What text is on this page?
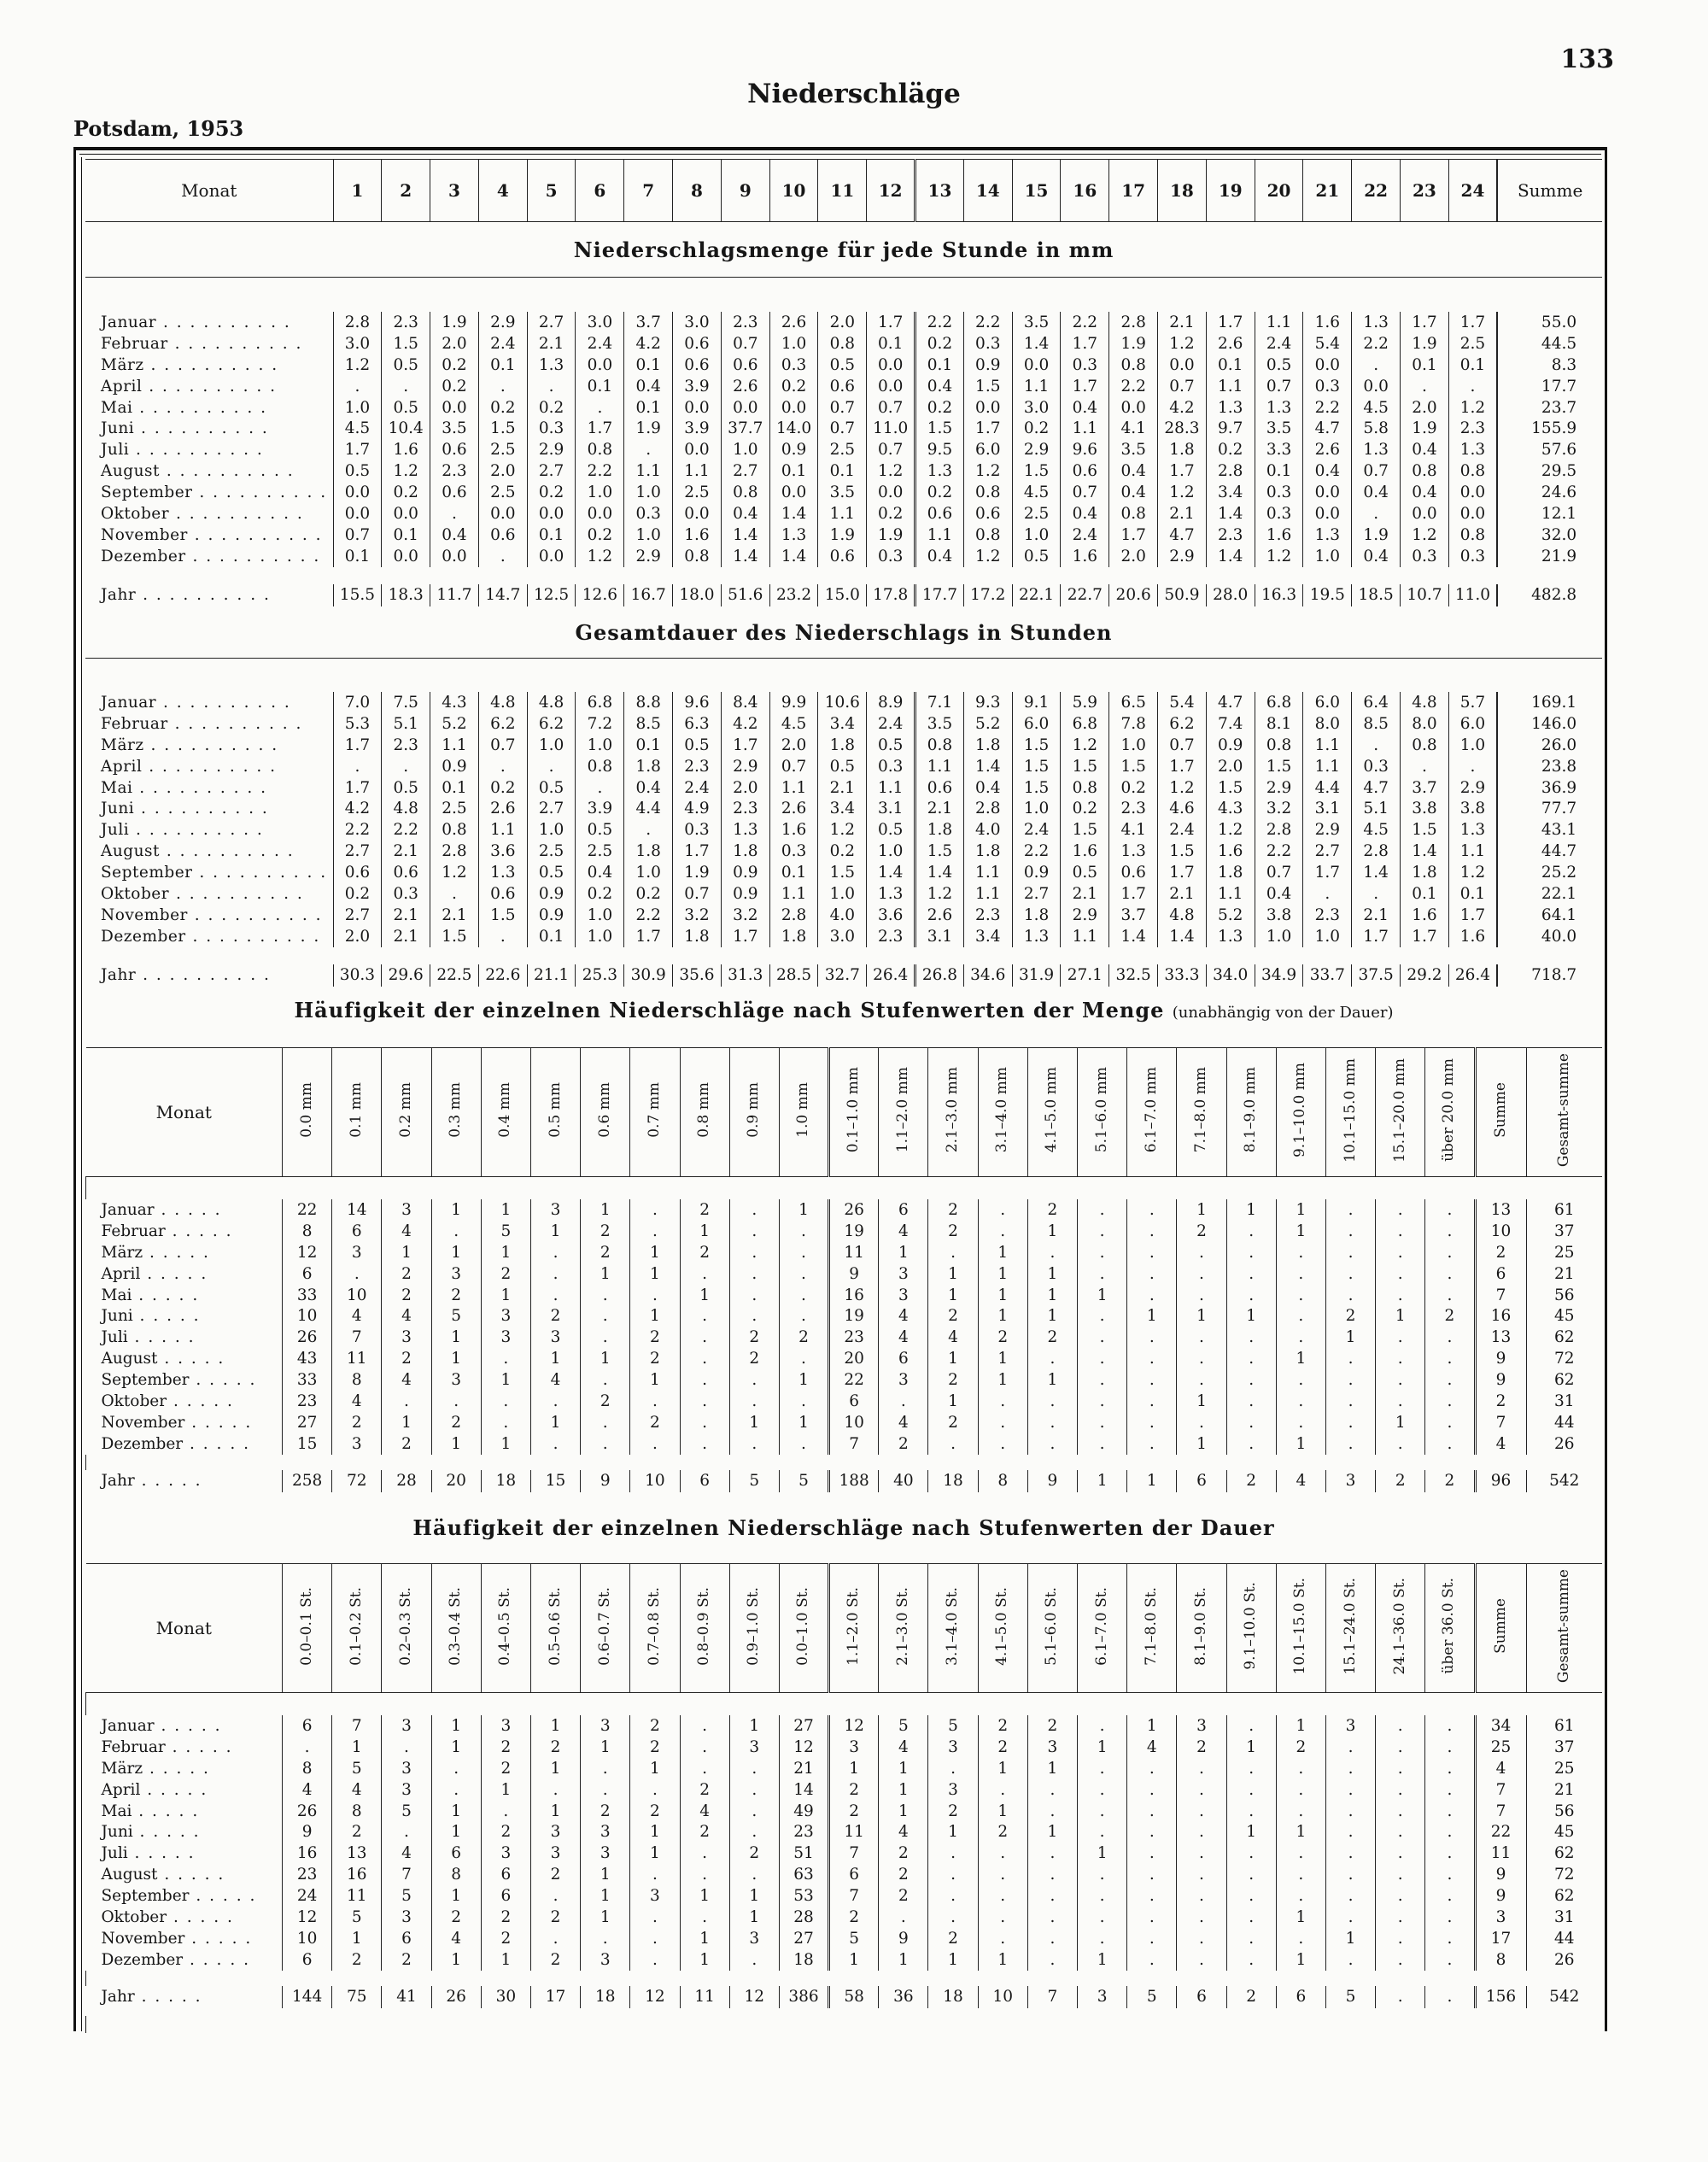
133
Niederschläge
Potsdam, 1953
Monat	1	2	3	4	5	6	7	8	9	10	11	12	13	14	15	16	17	18	19	20	21	22	23	24	Summe
Niederschlagsmenge für jede Stunde in mm																									

Januar . . . . . . . . . .	2.8	2.3	1.9	2.9	2.7	3.0	3.7	3.0	2.3	2.6	2.0	1.7	2.2	2.2	3.5	2.2	2.8	2.1	1.7	1.1	1.6	1.3	1.7	1.7	55.0
Februar . . . . . . . . . .	3.0	1.5	2.0	2.4	2.1	2.4	4.2	0.6	0.7	1.0	0.8	0.1	0.2	0.3	1.4	1.7	1.9	1.2	2.6	2.4	5.4	2.2	1.9	2.5	44.5
März . . . . . . . . . .	1.2	0.5	0.2	0.1	1.3	0.0	0.1	0.6	0.6	0.3	0.5	0.0	0.1	0.9	0.0	0.3	0.8	0.0	0.1	0.5	0.0	.	0.1	0.1	8.3
April . . . . . . . . . .	.	.	0.2	.	.	0.1	0.4	3.9	2.6	0.2	0.6	0.0	0.4	1.5	1.1	1.7	2.2	0.7	1.1	0.7	0.3	0.0	.	.	17.7
Mai . . . . . . . . . .	1.0	0.5	0.0	0.2	0.2	.	0.1	0.0	0.0	0.0	0.7	0.7	0.2	0.0	3.0	0.4	0.0	4.2	1.3	1.3	2.2	4.5	2.0	1.2	23.7
Juni . . . . . . . . . .	4.5	10.4	3.5	1.5	0.3	1.7	1.9	3.9	37.7	14.0	0.7	11.0	1.5	1.7	0.2	1.1	4.1	28.3	9.7	3.5	4.7	5.8	1.9	2.3	155.9
Juli . . . . . . . . . .	1.7	1.6	0.6	2.5	2.9	0.8	.	0.0	1.0	0.9	2.5	0.7	9.5	6.0	2.9	9.6	3.5	1.8	0.2	3.3	2.6	1.3	0.4	1.3	57.6
August . . . . . . . . . .	0.5	1.2	2.3	2.0	2.7	2.2	1.1	1.1	2.7	0.1	0.1	1.2	1.3	1.2	1.5	0.6	0.4	1.7	2.8	0.1	0.4	0.7	0.8	0.8	29.5
September . . . . . . . . . .	0.0	0.2	0.6	2.5	0.2	1.0	1.0	2.5	0.8	0.0	3.5	0.0	0.2	0.8	4.5	0.7	0.4	1.2	3.4	0.3	0.0	0.4	0.4	0.0	24.6
Oktober . . . . . . . . . .	0.0	0.0	.	0.0	0.0	0.0	0.3	0.0	0.4	1.4	1.1	0.2	0.6	0.6	2.5	0.4	0.8	2.1	1.4	0.3	0.0	.	0.0	0.0	12.1
November . . . . . . . . . .	0.7	0.1	0.4	0.6	0.1	0.2	1.0	1.6	1.4	1.3	1.9	1.9	1.1	0.8	1.0	2.4	1.7	4.7	2.3	1.6	1.3	1.9	1.2	0.8	32.0
Dezember . . . . . . . . . .	0.1	0.0	0.0	.	0.0	1.2	2.9	0.8	1.4	1.4	0.6	0.3	0.4	1.2	0.5	1.6	2.0	2.9	1.4	1.2	1.0	0.4	0.3	0.3	21.9

Jahr . . . . . . . . . .	15.5	18.3	11.7	14.7	12.5	12.6	16.7	18.0	51.6	23.2	15.0	17.8	17.7	17.2	22.1	22.7	20.6	50.9	28.0	16.3	19.5	18.5	10.7	11.0	482.8
Gesamtdauer des Niederschlags in Stunden

Januar . . . . . . . . . .	7.0	7.5	4.3	4.8	4.8	6.8	8.8	9.6	8.4	9.9	10.6	8.9	7.1	9.3	9.1	5.9	6.5	5.4	4.7	6.8	6.0	6.4	4.8	5.7	169.1
Februar . . . . . . . . . .	5.3	5.1	5.2	6.2	6.2	7.2	8.5	6.3	4.2	4.5	3.4	2.4	3.5	5.2	6.0	6.8	7.8	6.2	7.4	8.1	8.0	8.5	8.0	6.0	146.0
März . . . . . . . . . .	1.7	2.3	1.1	0.7	1.0	1.0	0.1	0.5	1.7	2.0	1.8	0.5	0.8	1.8	1.5	1.2	1.0	0.7	0.9	0.8	1.1	.	0.8	1.0	26.0
April . . . . . . . . . .	.	.	0.9	.	.	0.8	1.8	2.3	2.9	0.7	0.5	0.3	1.1	1.4	1.5	1.5	1.5	1.7	2.0	1.5	1.1	0.3	.	.	23.8
Mai . . . . . . . . . .	1.7	0.5	0.1	0.2	0.5	.	0.4	2.4	2.0	1.1	2.1	1.1	0.6	0.4	1.5	0.8	0.2	1.2	1.5	2.9	4.4	4.7	3.7	2.9	36.9
Juni . . . . . . . . . .	4.2	4.8	2.5	2.6	2.7	3.9	4.4	4.9	2.3	2.6	3.4	3.1	2.1	2.8	1.0	0.2	2.3	4.6	4.3	3.2	3.1	5.1	3.8	3.8	77.7
Juli . . . . . . . . . .	2.2	2.2	0.8	1.1	1.0	0.5	.	0.3	1.3	1.6	1.2	0.5	1.8	4.0	2.4	1.5	4.1	2.4	1.2	2.8	2.9	4.5	1.5	1.3	43.1
August . . . . . . . . . .	2.7	2.1	2.8	3.6	2.5	2.5	1.8	1.7	1.8	0.3	0.2	1.0	1.5	1.8	2.2	1.6	1.3	1.5	1.6	2.2	2.7	2.8	1.4	1.1	44.7
September . . . . . . . . . .	0.6	0.6	1.2	1.3	0.5	0.4	1.0	1.9	0.9	0.1	1.5	1.4	1.4	1.1	0.9	0.5	0.6	1.7	1.8	0.7	1.7	1.4	1.8	1.2	25.2
Oktober . . . . . . . . . .	0.2	0.3	.	0.6	0.9	0.2	0.2	0.7	0.9	1.1	1.0	1.3	1.2	1.1	2.7	2.1	1.7	2.1	1.1	0.4	.	.	0.1	0.1	22.1
November . . . . . . . . . .	2.7	2.1	2.1	1.5	0.9	1.0	2.2	3.2	3.2	2.8	4.0	3.6	2.6	2.3	1.8	2.9	3.7	4.8	5.2	3.8	2.3	2.1	1.6	1.7	64.1
Dezember . . . . . . . . . .	2.0	2.1	1.5	.	0.1	1.0	1.7	1.8	1.7	1.8	3.0	2.3	3.1	3.4	1.3	1.1	1.4	1.4	1.3	1.0	1.0	1.7	1.7	1.6	40.0

Jahr . . . . . . . . . .	30.3	29.6	22.5	22.6	21.1	25.3	30.9	35.6	31.3	28.5	32.7	26.4	26.8	34.6	31.9	27.1	32.5	33.3	34.0	34.9	33.7	37.5	29.2	26.4	718.7
Häufigkeit der einzelnen Niederschläge nach Stufenwerten der Menge (unabhängig von der Dauer)
Monat	0.0 mm	0.1 mm	0.2 mm	0.3 mm	0.4 mm	0.5 mm	0.6 mm	0.7 mm	0.8 mm	0.9 mm	1.0 mm	0.1–1.0 mm	1.1–2.0 mm	2.1–3.0 mm	3.1–4.0 mm	4.1–5.0 mm	5.1–6.0 mm	6.1–7.0 mm	7.1–8.0 mm	8.1–9.0 mm	9.1–10.0 mm	10.1–15.0 mm	15.1–20.0 mm	über 20.0 mm	Summe	Gesamt-summe

Januar . . . . .	22	14	3	1	1	3	1	.	2	.	1	26	6	2	.	2	.	.	1	1	1	.	.	.	13	61
Februar . . . . .	8	6	4	.	5	1	2	.	1	.	.	19	4	2	.	1	.	.	2	.	1	.	.	.	10	37
März . . . . .	12	3	1	1	1	.	2	1	2	.	.	11	1	.	1	.	.	.	.	.	.	.	.	.	2	25
April . . . . .	6	.	2	3	2	.	1	1	.	.	.	9	3	1	1	1	.	.	.	.	.	.	.	.	6	21
Mai . . . . .	33	10	2	2	1	.	.	.	1	.	.	16	3	1	1	1	1	.	.	.	.	.	.	.	7	56
Juni . . . . .	10	4	4	5	3	2	.	1	.	.	.	19	4	2	1	1	.	1	1	1	.	2	1	2	16	45
Juli . . . . .	26	7	3	1	3	3	.	2	.	2	2	23	4	4	2	2	.	.	.	.	.	1	.	.	13	62
August . . . . .	43	11	2	1	.	1	1	2	.	2	.	20	6	1	1	.	.	.	.	.	1	.	.	.	9	72
September . . . . .	33	8	4	3	1	4	.	1	.	.	1	22	3	2	1	1	.	.	.	.	.	.	.	.	9	62
Oktober . . . . .	23	4	.	.	.	.	2	.	.	.	.	6	.	1	.	.	.	.	1	.	.	.	.	.	2	31
November . . . . .	27	2	1	2	.	1	.	2	.	1	1	10	4	2	.	.	.	.	.	.	.	.	1	.	7	44
Dezember . . . . .	15	3	2	1	1	.	.	.	.	.	.	7	2	.	.	.	.	.	1	.	1	.	.	.	4	26

Jahr . . . . .	258	72	28	20	18	15	9	10	6	5	5	188	40	18	8	9	1	1	6	2	4	3	2	2	96	542
Häufigkeit der einzelnen Niederschläge nach Stufenwerten der Dauer
Monat	0.0–0.1 St.	0.1–0.2 St.	0.2–0.3 St.	0.3–0.4 St.	0.4–0.5 St.	0.5–0.6 St.	0.6–0.7 St.	0.7–0.8 St.	0.8–0.9 St.	0.9–1.0 St.	0.0–1.0 St.	1.1–2.0 St.	2.1–3.0 St.	3.1–4.0 St.	4.1–5.0 St.	5.1–6.0 St.	6.1–7.0 St.	7.1–8.0 St.	8.1–9.0 St.	9.1–10.0 St.	10.1–15.0 St.	15.1–24.0 St.	24.1–36.0 St.	über 36.0 St.	Summe	Gesamt-summe

Januar . . . . .	6	7	3	1	3	1	3	2	.	1	27	12	5	5	2	2	.	1	3	.	1	3	.	.	34	61
Februar . . . . .	.	1	.	1	2	2	1	2	.	3	12	3	4	3	2	3	1	4	2	1	2	.	.	.	25	37
März . . . . .	8	5	3	.	2	1	.	1	.	.	21	1	1	.	1	1	.	.	.	.	.	.	.	.	4	25
April . . . . .	4	4	3	.	1	.	.	.	2	.	14	2	1	3	.	.	.	.	.	.	.	.	.	.	7	21
Mai . . . . .	26	8	5	1	.	1	2	2	4	.	49	2	1	2	1	.	.	.	.	.	.	.	.	.	7	56
Juni . . . . .	9	2	.	1	2	3	3	1	2	.	23	11	4	1	2	1	.	.	.	1	1	.	.	.	22	45
Juli . . . . .	16	13	4	6	3	3	3	1	.	2	51	7	2	.	.	.	1	.	.	.	.	.	.	.	11	62
August . . . . .	23	16	7	8	6	2	1	.	.	.	63	6	2	.	.	.	.	.	.	.	.	.	.	.	9	72
September . . . . .	24	11	5	1	6	.	1	3	1	1	53	7	2	.	.	.	.	.	.	.	.	.	.	.	9	62
Oktober . . . . .	12	5	3	2	2	2	1	.	.	1	28	2	.	.	.	.	.	.	.	.	1	.	.	.	3	31
November . . . . .	10	1	6	4	2	.	.	.	1	3	27	5	9	2	.	.	.	.	.	.	.	1	.	.	17	44
Dezember . . . . .	6	2	2	1	1	2	3	.	1	.	18	1	1	1	1	.	1	.	.	.	1	.	.	.	8	26

Jahr . . . . .	144	75	41	26	30	17	18	12	11	12	386	58	36	18	10	7	3	5	6	2	6	5	.	.	156	542
